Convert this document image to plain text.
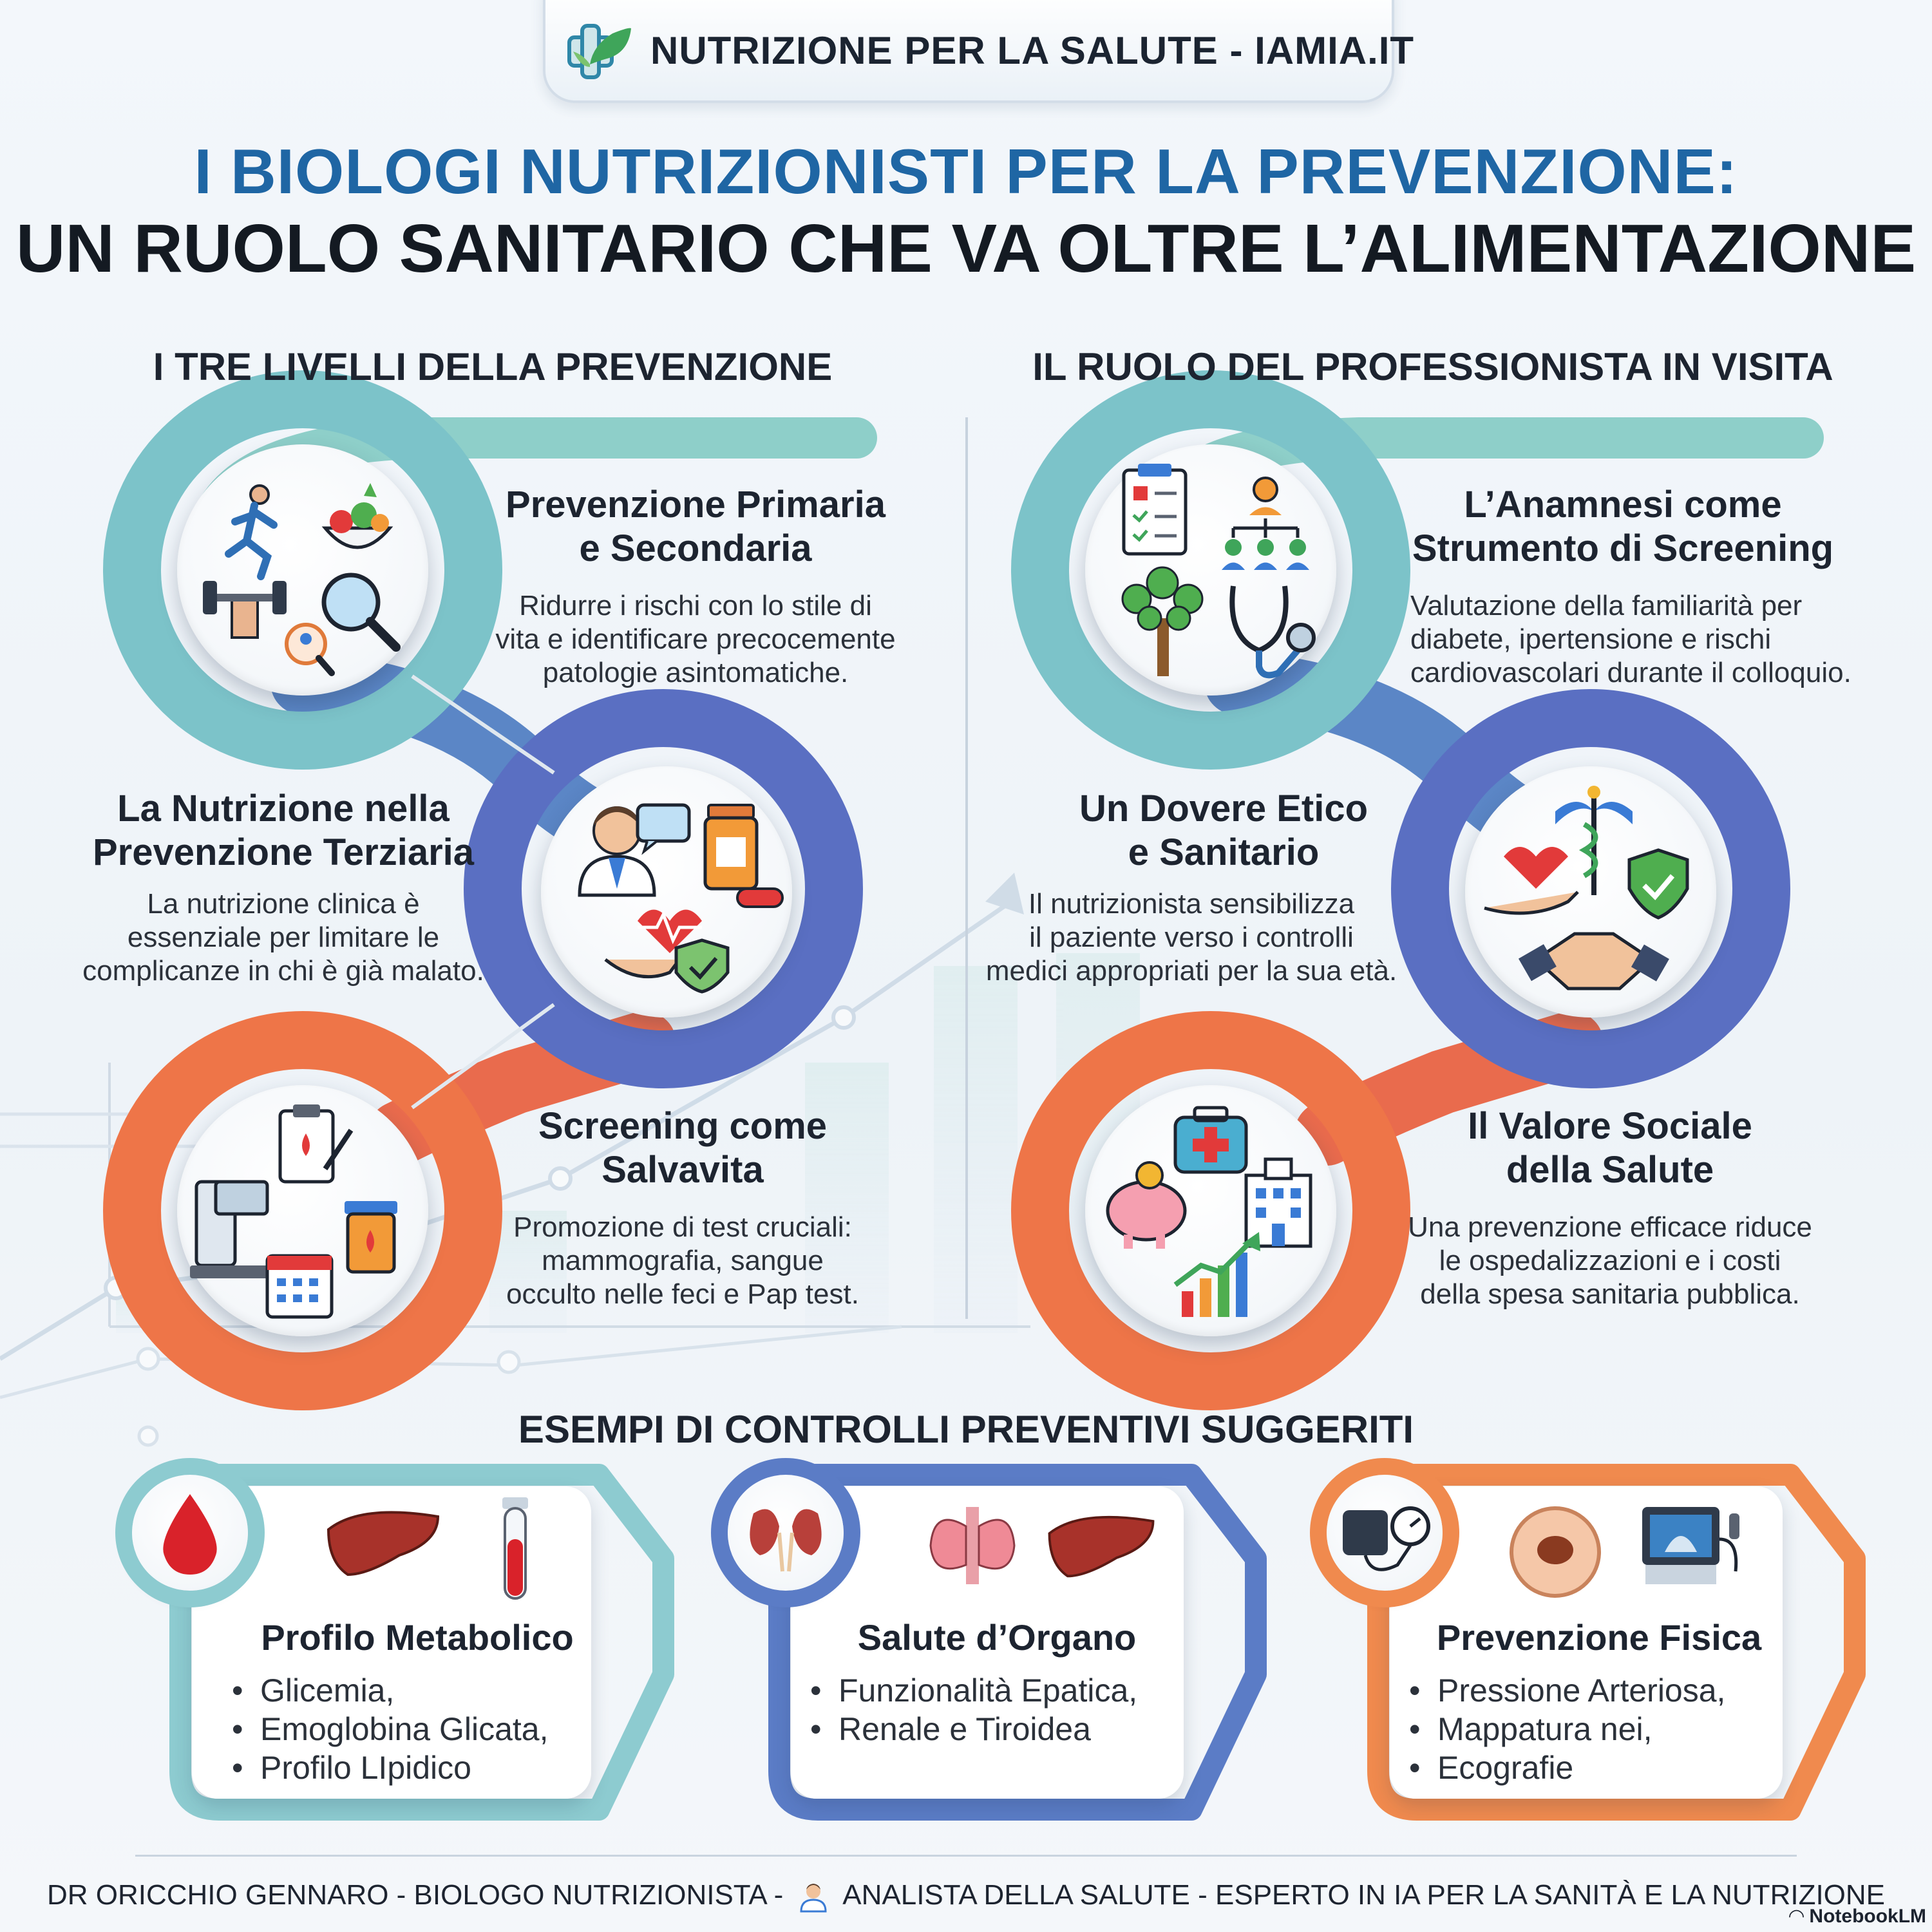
NUTRIZIONE PER LA SALUTE - IAMIA.IT
I BIOLOGI NUTRIZIONISTI PER LA PREVENZIONE:
UN RUOLO SANITARIO CHE VA OLTRE L’ALIMENTAZIONE
I TRE LIVELLI DELLA PREVENZIONE	IL RUOLO DEL PROFESSIONISTA IN VISITA
Prevenzione Primaria
e Secondaria
Ridurre i rischi con lo stile di
vita e identificare precocemente
patologie asintomatiche.
La Nutrizione nella
Prevenzione Terziaria
La nutrizione clinica è
essenziale per limitare le
complicanze in chi è già malato.
Screening come
Salvavita
Promozione di test cruciali:
mammografia, sangue
occulto nelle feci e Pap test.
L’Anamnesi come
Strumento di Screening
Valutazione della familiarità per
diabete, ipertensione e rischi
cardiovascolari durante il colloquio.
Un Dovere Etico
e Sanitario
Il nutrizionista sensibilizza
il paziente verso i controlli
medici appropriati per la sua età.
Il Valore Sociale
della Salute
Una prevenzione efficace riduce
le ospedalizzazioni e i costi
della spesa sanitaria pubblica.
ESEMPI DI CONTROLLI PREVENTIVI SUGGERITI
Profilo Metabolico
• Glicemia,
• Emoglobina Glicata,
• Profilo LIpidico
Salute d’Organo
• Funzionalità Epatica,
• Renale e Tiroidea
Prevenzione Fisica
• Pressione Arteriosa,
• Mappatura nei,
• Ecografie
DR ORICCHIO GENNARO - BIOLOGO NUTRIZIONISTA - ANALISTA DELLA SALUTE - ESPERTO IN IA PER LA SANITÀ E LA NUTRIZIONE
◠ NotebookLM
